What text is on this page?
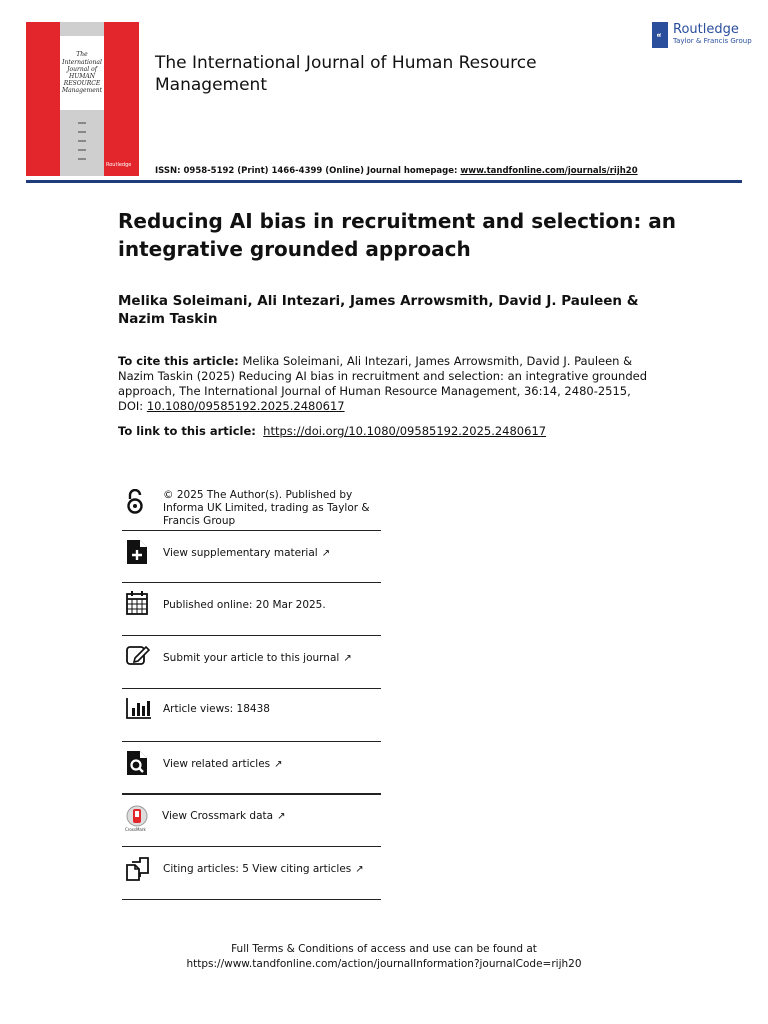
The
International
Journal of
HUMAN
RESOURCE
Management
Routledge
The International Journal of Human Resource Management
R Routledge
Taylor & Francis Group
ISSN: 0958-5192 (Print) 1466-4399 (Online) Journal homepage: www.tandfonline.com/journals/rijh20
Reducing AI bias in recruitment and selection: an integrative grounded approach
Melika Soleimani, Ali Intezari, James Arrowsmith, David J. Pauleen & Nazim Taskin
To cite this article: Melika Soleimani, Ali Intezari, James Arrowsmith, David J. Pauleen & Nazim Taskin (2025) Reducing AI bias in recruitment and selection: an integrative grounded approach, The International Journal of Human Resource Management, 36:14, 2480-2515, DOI: 10.1080/09585192.2025.2480617
To link to this article: https://doi.org/10.1080/09585192.2025.2480617
© 2025 The Author(s). Published by Informa UK Limited, trading as Taylor & Francis Group
View supplementary material ↗
Published online: 20 Mar 2025.
Submit your article to this journal ↗
Article views: 18438
View related articles ↗
CrossMark
View Crossmark data ↗
Citing articles: 5 View citing articles ↗
Full Terms & Conditions of access and use can be found at
https://www.tandfonline.com/action/journalInformation?journalCode=rijh20
